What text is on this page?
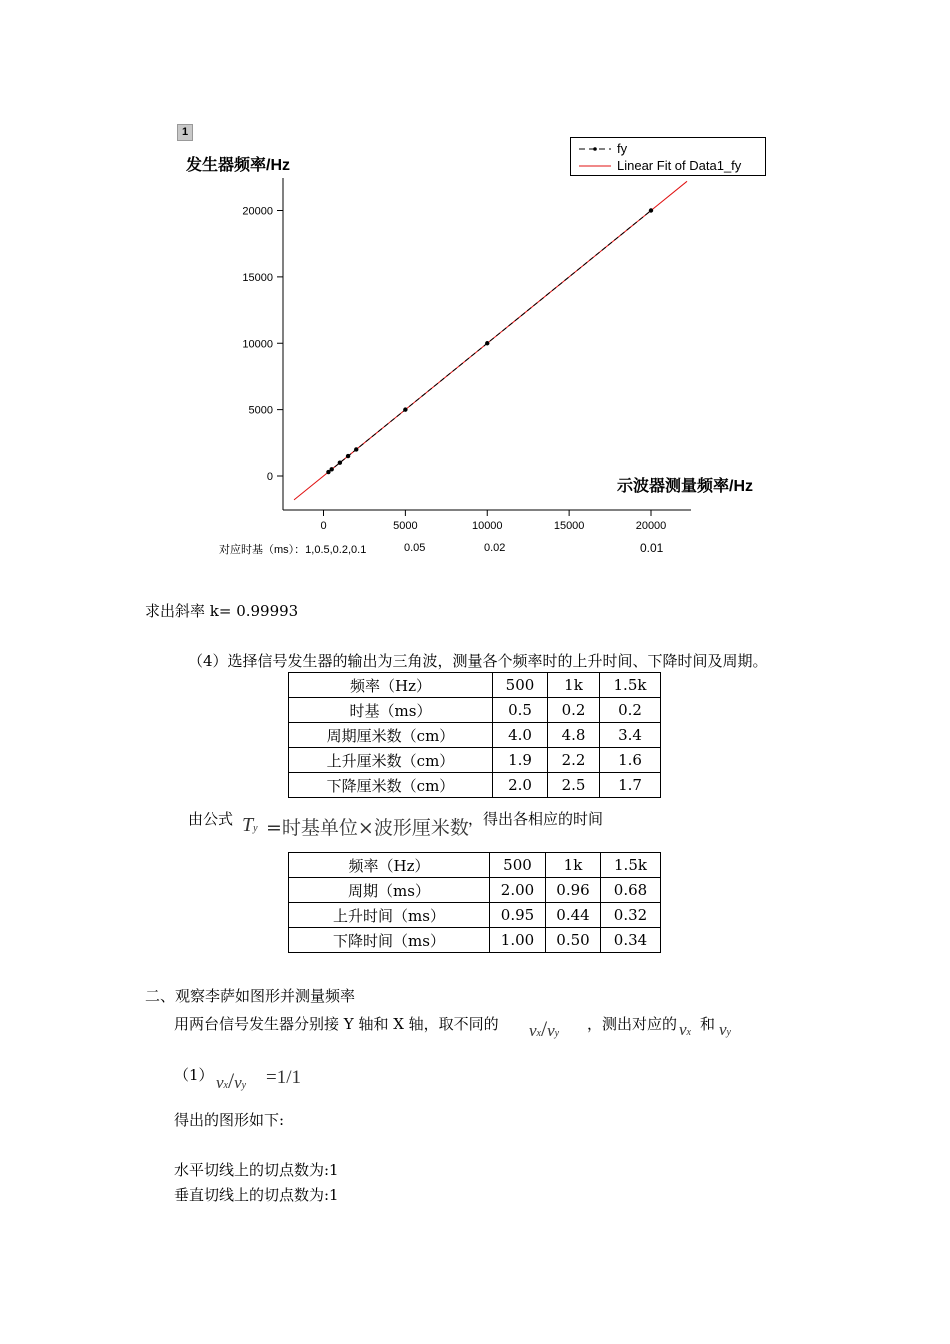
1
发生器频率/Hz
示波器测量频率/Hz
0
5000
10000
15000
20000
0	5000	10000	15000	20000
fy
Linear Fit of Data1_fy
对应时基（ms）：1,0.5,0.2,0.1	0.05	0.02	0.01
求出斜率 k= 0.99993
（4）选择信号发生器的输出为三角波，测量各个频率时的上升时间、下降时间及周期。
频率（Hz）	500	1k	1.5k
时基（ms）	0.5	0.2	0.2
周期厘米数（cm）	4.0	4.8	3.4
上升厘米数（cm）	1.9	2.2	1.6
下降厘米数（cm）	2.0	2.5	1.7
由公式 Ty =时基单位×波形厘米数 ，得出各相应的时间
频率（Hz）	500	1k	1.5k
周期（ms）	2.00	0.96	0.68
上升时间（ms）	0.95	0.44	0.32
下降时间（ms）	1.00	0.50	0.34
二、观察李萨如图形并测量频率
用两台信号发生器分别接 Y 轴和 X 轴，取不同的 νx/νy
，测出对应的 νx 和 νy
（1） νx/νy =1/1
得出的图形如下:
水平切线上的切点数为:1
垂直切线上的切点数为:1
